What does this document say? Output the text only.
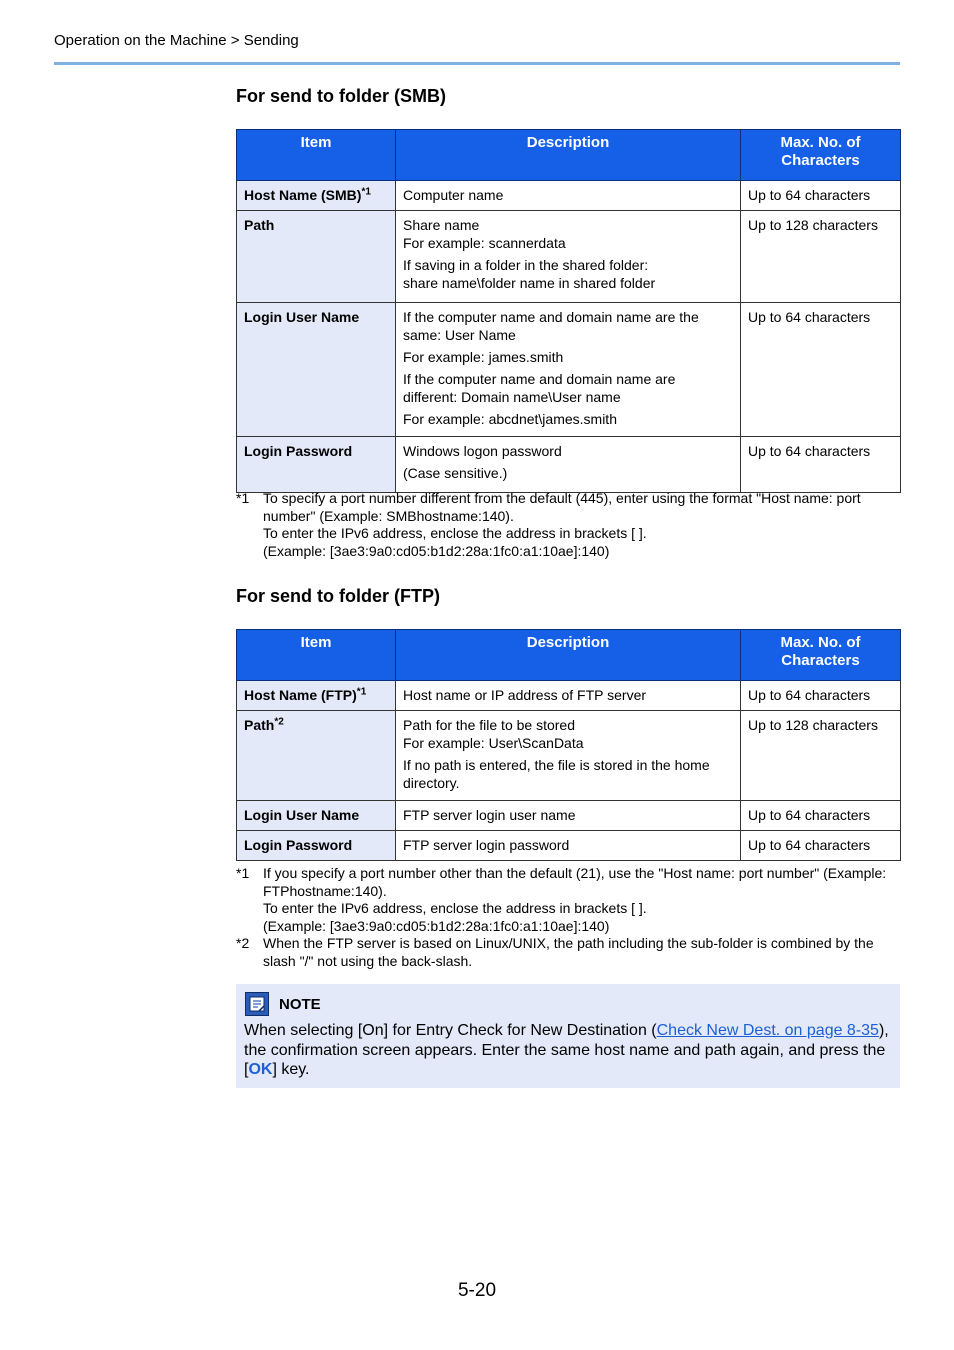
Operation on the Machine > Sending
For send to folder (SMB)
Item	Description	Max. No. of Characters
Host Name (SMB)$^{*1}$	Computer name	Up to 64 characters
Path	Share name

For example: scannerdata

If saving in a folder in the shared folder:

share name\folder name in shared folder	Up to 128 characters
Login User Name	If the computer name and domain name are the same: User Name

For example: james.smith

If the computer name and domain name are different: Domain name\User name

For example: abcdnet\james.smith	Up to 64 characters
Login Password	Windows logon password

(Case sensitive.)	Up to 64 characters
*1 To specify a port number different from the default (445), enter using the format "Host name: port number" (Example: SMBhostname:140).
To enter the IPv6 address, enclose the address in brackets [ ].
(Example: [3ae3:9a0:cd05:b1d2:28a:1fc0:a1:10ae]:140)
For send to folder (FTP)
Item	Description	Max. No. of Characters
Host Name (FTP)$^{*1}$	Host name or IP address of FTP server	Up to 64 characters
Path$^{*2}$	Path for the file to be stored

For example: User\ScanData

If no path is entered, the file is stored in the home directory.	Up to 128 characters
Login User Name	FTP server login user name	Up to 64 characters
Login Password	FTP server login password	Up to 64 characters
*1 If you specify a port number other than the default (21), use the "Host name: port number" (Example: FTPhostname:140).
To enter the IPv6 address, enclose the address in brackets [ ].
(Example: [3ae3:9a0:cd05:b1d2:28a:1fc0:a1:10ae]:140)
*2 When the FTP server is based on Linux/UNIX, the path including the sub-folder is combined by the slash "/" not using the back-slash.
NOTE
When selecting [On] for Entry Check for New Destination (Check New Dest. on page 8-35), the confirmation screen appears. Enter the same host name and path again, and press the [OK] key.
5-20
